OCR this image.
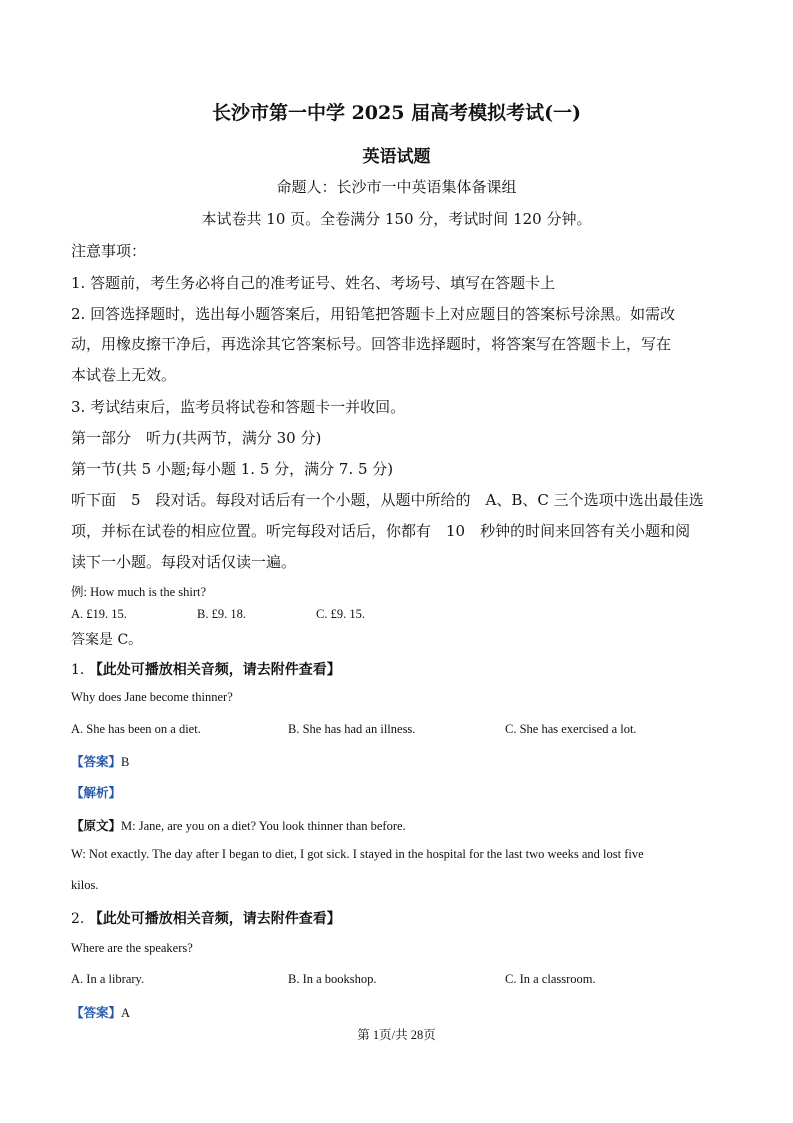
长沙市第一中学 2025 届高考模拟考试(一)
英语试题
命题人：长沙市一中英语集体备课组
本试卷共 10 页。全卷满分 150 分，考试时间 120 分钟。
注意事项：
1. 答题前，考生务必将自己的准考证号、姓名、考场号、填写在答题卡上
2. 回答选择题时，选出每小题答案后，用铅笔把答题卡上对应题目的答案标号涂黑。如需改
动，用橡皮擦干净后，再选涂其它答案标号。回答非选择题时，将答案写在答题卡上，写在
本试卷上无效。
3. 考试结束后，监考员将试卷和答题卡一并收回。
第一部分　听力(共两节，满分 30 分)
第一节(共 5 小题;每小题 1. 5 分，满分 7. 5 分)
听下面　5　段对话。每段对话后有一个小题，从题中所给的　A、B、C 三个选项中选出最佳选
项，并标在试卷的相应位置。听完每段对话后，你都有　10　秒钟的时间来回答有关小题和阅
读下一小题。每段对话仅读一遍。
例: How much is the shirt?
A. £19. 15.	B. £9. 18.	C. £9. 15.
答案是 C。
1. 【此处可播放相关音频，请去附件查看】
Why does Jane become thinner?
A. She has been on a diet.	B. She has had an illness.	C. She has exercised a lot.
【答案】B
【解析】
【原文】M: Jane, are you on a diet? You look thinner than before.
W: Not exactly. The day after I began to diet, I got sick. I stayed in the hospital for the last two weeks and lost five
kilos.
2. 【此处可播放相关音频，请去附件查看】
Where are the speakers?
A. In a library.	B. In a bookshop.	C. In a classroom.
【答案】A
第 1页/共 28页
